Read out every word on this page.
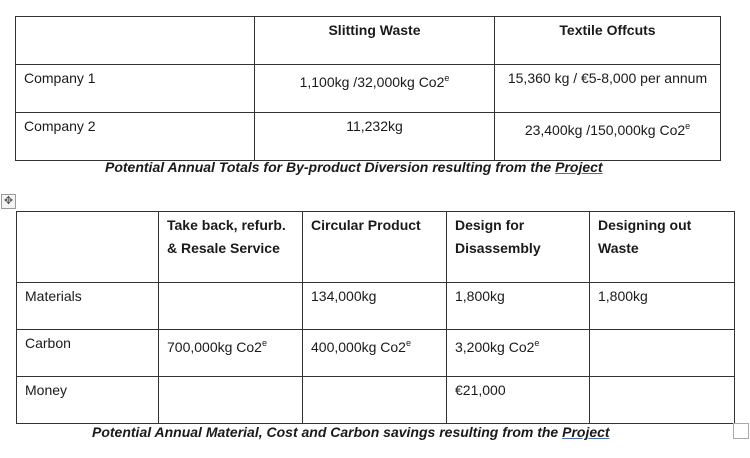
	Slitting Waste	Textile Offcuts
Company 1	1,100kg /32,000kg Co2e	15,360 kg / €5-8,000 per annum
Company 2	11,232kg	23,400kg /150,000kg Co2e
Potential Annual Totals for By-product Diversion resulting from the Project
✥
	Take back, refurb. & Resale Service	Circular Product	Design for Disassembly	Designing out Waste
Materials		134,000kg	1,800kg	1,800kg
Carbon	700,000kg Co2e	400,000kg Co2e	3,200kg Co2e	
Money			€21,000	
Potential Annual Material, Cost and Carbon savings resulting from the Project
